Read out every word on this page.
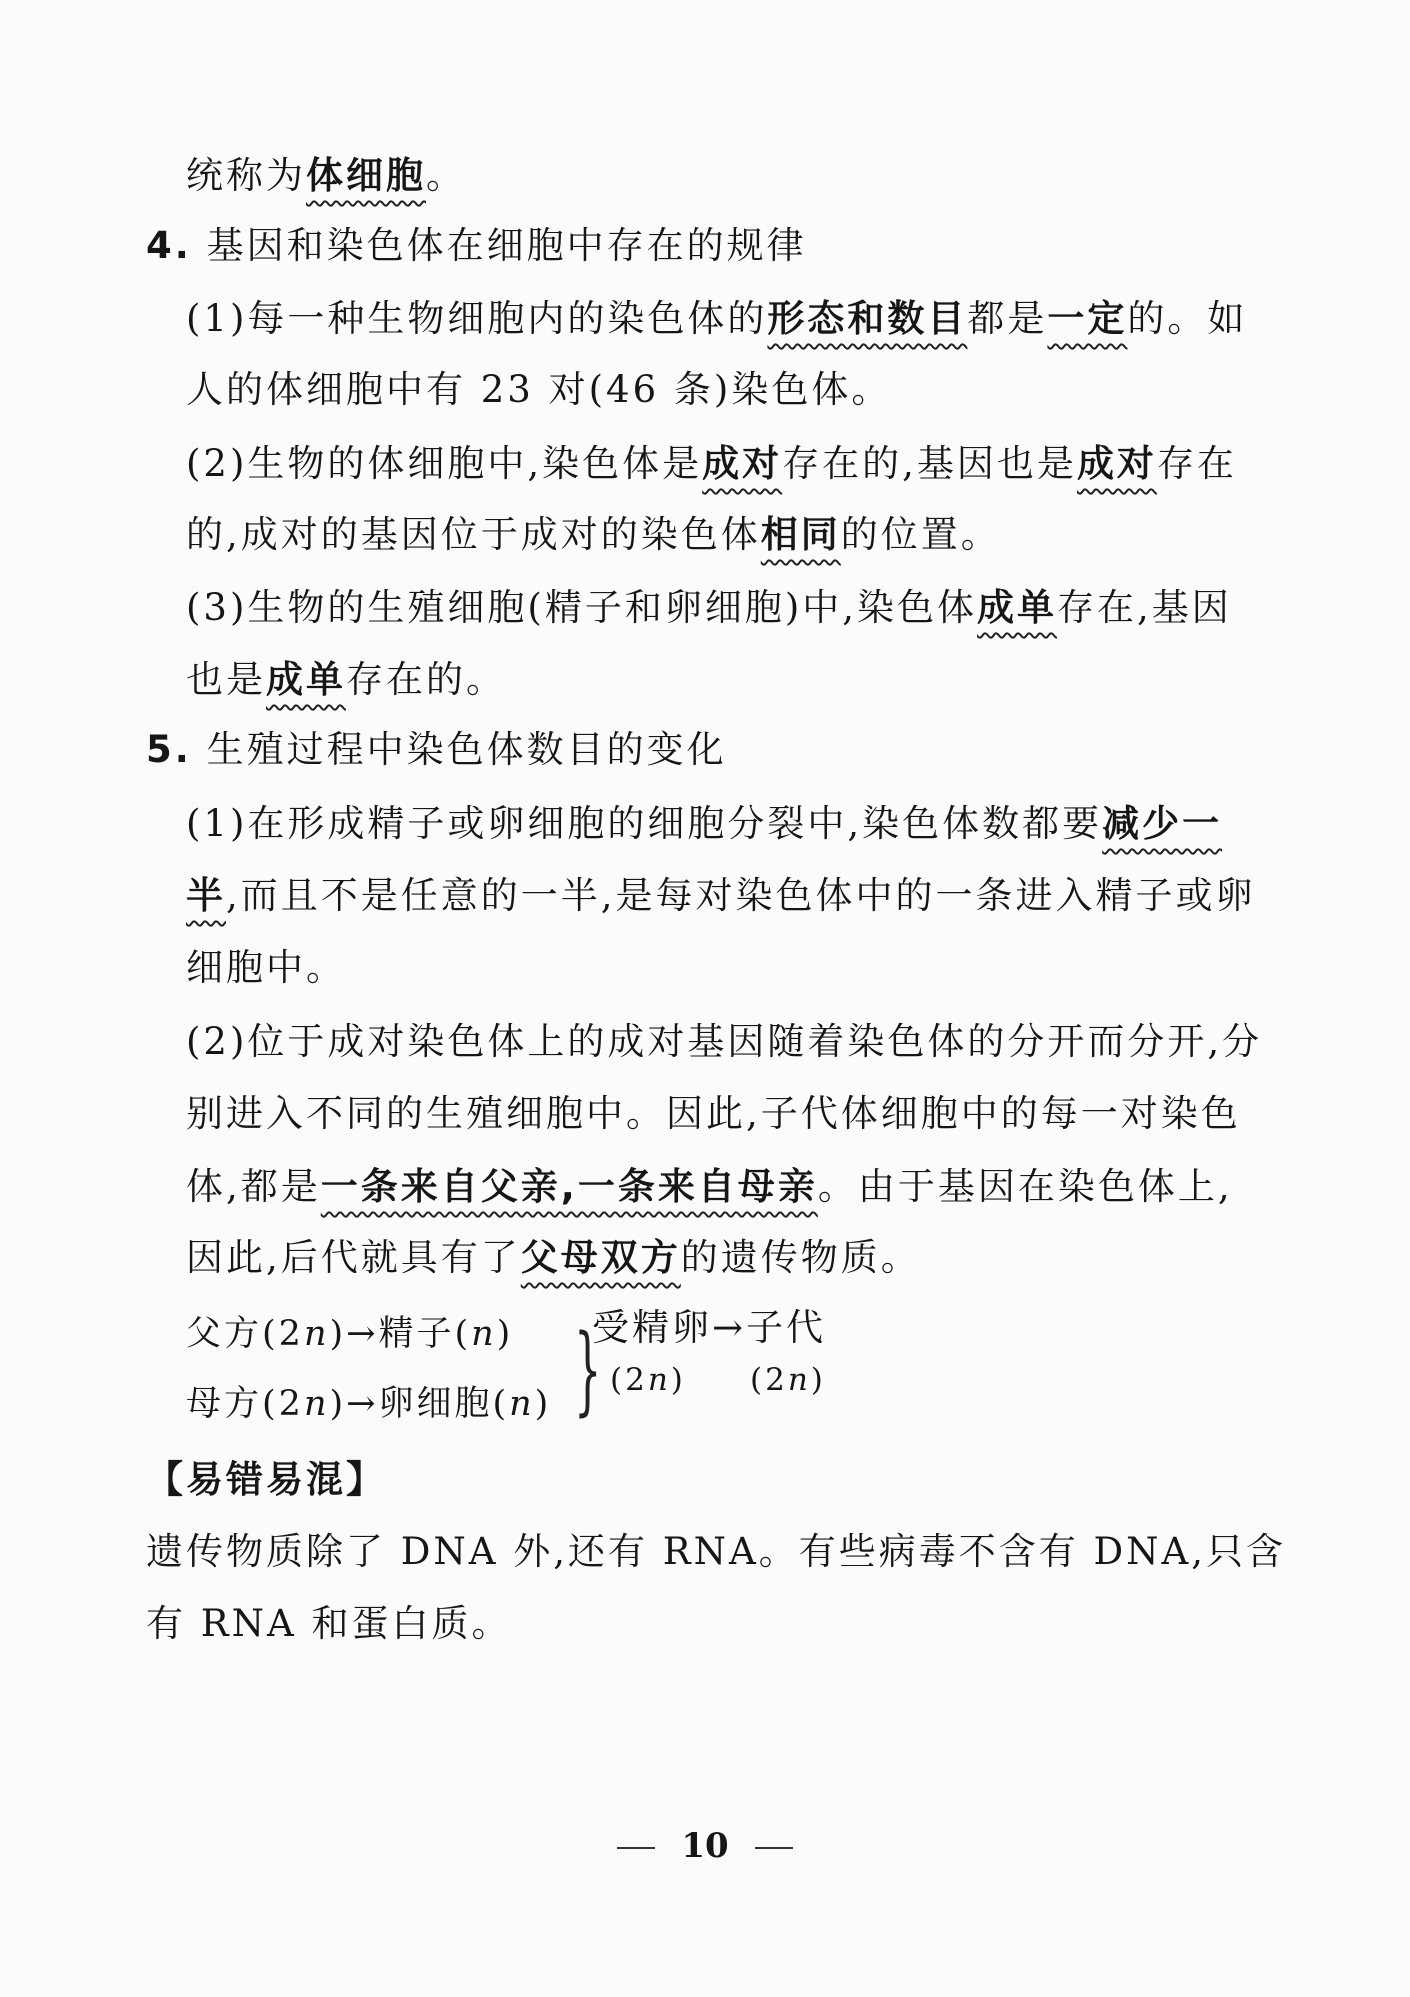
统称为体细胞。
4. 基因和染色体在细胞中存在的规律
(1)每一种生物细胞内的染色体的形态和数目都是一定的。如
人的体细胞中有 23 对(46 条)染色体。
(2)生物的体细胞中,染色体是成对存在的,基因也是成对存在
的,成对的基因位于成对的染色体相同的位置。
(3)生物的生殖细胞(精子和卵细胞)中,染色体成单存在,基因
也是成单存在的。
5. 生殖过程中染色体数目的变化
(1)在形成精子或卵细胞的细胞分裂中,染色体数都要减少一
半,而且不是任意的一半,是每对染色体中的一条进入精子或卵
细胞中。
(2)位于成对染色体上的成对基因随着染色体的分开而分开,分
别进入不同的生殖细胞中。因此,子代体细胞中的每一对染色
体,都是一条来自父亲,一条来自母亲。由于基因在染色体上,
因此,后代就具有了父母双方的遗传物质。
父方(2n)→精子(n)
母方(2n)→卵细胞(n) }
受精卵→子代
(2n) (2n)
【易错易混】
遗传物质除了 DNA 外,还有 RNA。有些病毒不含有 DNA,只含
有 RNA 和蛋白质。
10
